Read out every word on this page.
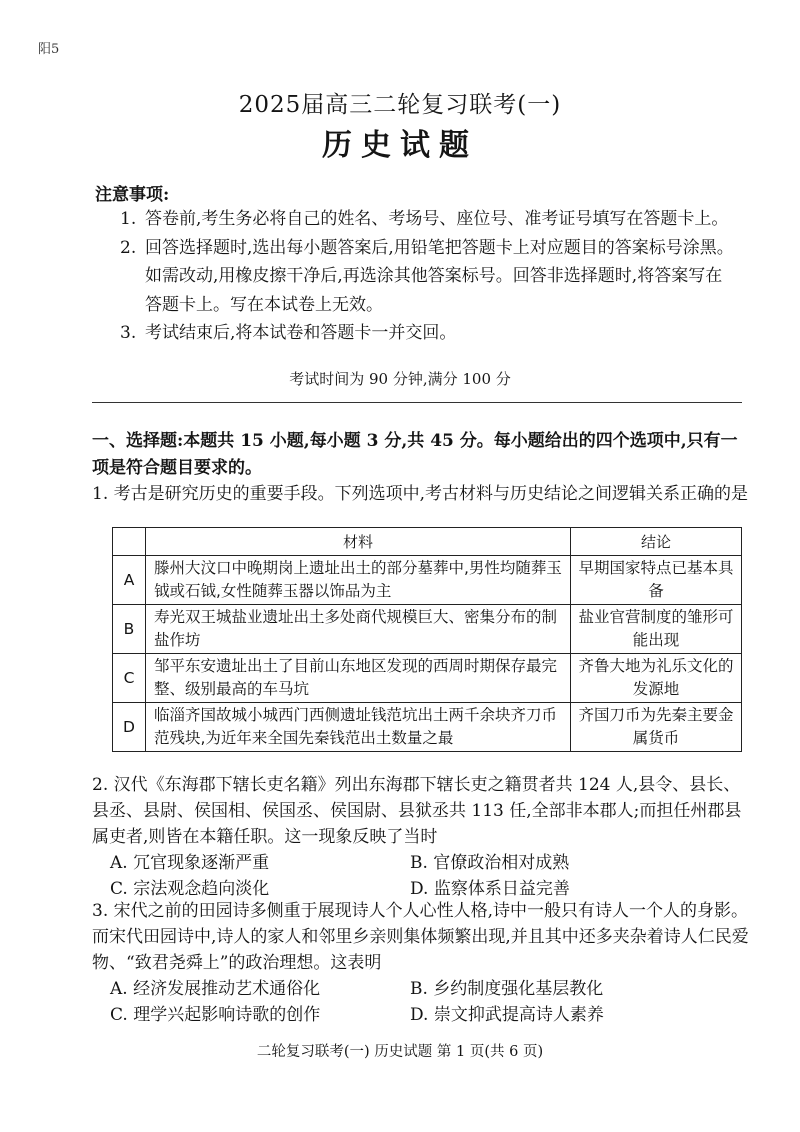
阳5
2025届高三二轮复习联考(一)
历史试题
注意事项:
1. 答卷前,考生务必将自己的姓名、考场号、座位号、准考证号填写在答题卡上。
2. 回答选择题时,选出每小题答案后,用铅笔把答题卡上对应题目的答案标号涂黑。如需改动,用橡皮擦干净后,再选涂其他答案标号。回答非选择题时,将答案写在答题卡上。写在本试卷上无效。
3. 考试结束后,将本试卷和答题卡一并交回。
考试时间为 90 分钟,满分 100 分
一、选择题:本题共 15 小题,每小题 3 分,共 45 分。每小题给出的四个选项中,只有一项是符合题目要求的。
1. 考古是研究历史的重要手段。下列选项中,考古材料与历史结论之间逻辑关系正确的是
	材料	结论
A	滕州大汶口中晚期岗上遗址出土的部分墓葬中,男性均随葬玉钺或石钺,女性随葬玉器以饰品为主	早期国家特点已基本具备
B	寿光双王城盐业遗址出土多处商代规模巨大、密集分布的制盐作坊	盐业官营制度的雏形可能出现
C	邹平东安遗址出土了目前山东地区发现的西周时期保存最完整、级别最高的车马坑	齐鲁大地为礼乐文化的发源地
D	临淄齐国故城小城西门西侧遗址钱范坑出土两千余块齐刀币范残块,为近年来全国先秦钱范出土数量之最	齐国刀币为先秦主要金属货币
2. 汉代《东海郡下辖长吏名籍》列出东海郡下辖长吏之籍贯者共 124 人,县令、县长、县丞、县尉、侯国相、侯国丞、侯国尉、县狱丞共 113 任,全部非本郡人;而担任州郡县属吏者,则皆在本籍任职。这一现象反映了当时
A. 冗官现象逐渐严重	B. 官僚政治相对成熟
C. 宗法观念趋向淡化	D. 监察体系日益完善
3. 宋代之前的田园诗多侧重于展现诗人个人心性人格,诗中一般只有诗人一个人的身影。而宋代田园诗中,诗人的家人和邻里乡亲则集体频繁出现,并且其中还多夹杂着诗人仁民爱物、“致君尧舜上”的政治理想。这表明
A. 经济发展推动艺术通俗化	B. 乡约制度强化基层教化
C. 理学兴起影响诗歌的创作	D. 崇文抑武提高诗人素养
二轮复习联考(一) 历史试题 第 1 页(共 6 页)
